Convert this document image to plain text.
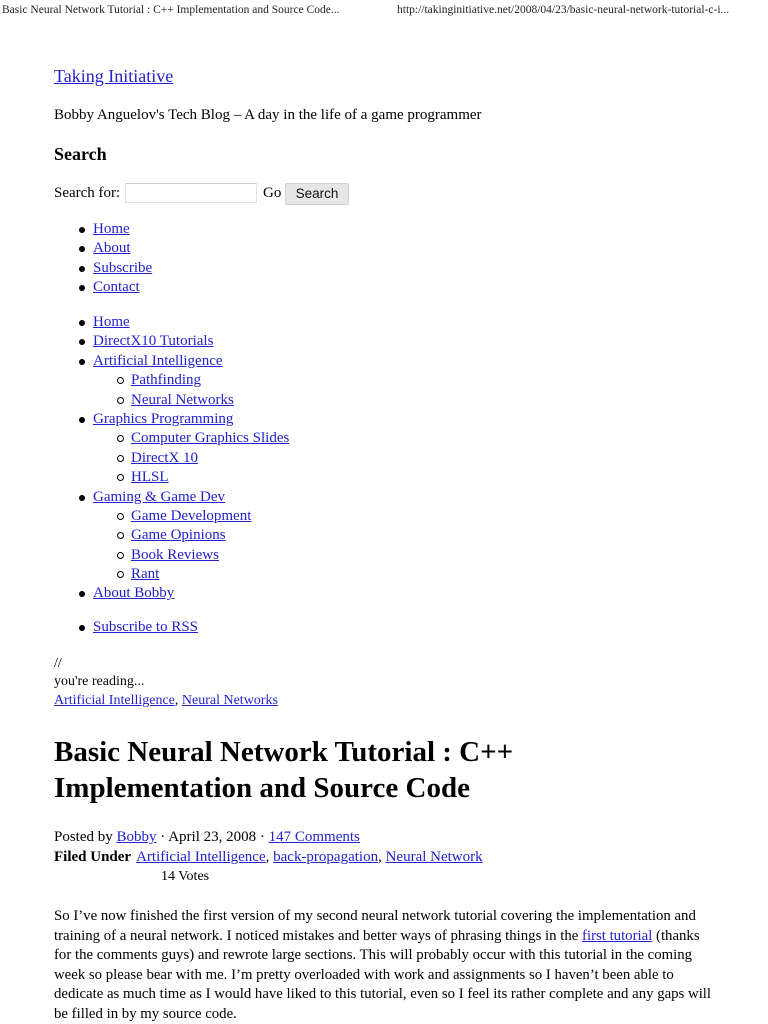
Basic Neural Network Tutorial : C++ Implementation and Source Code...	http://takinginitiative.net/2008/04/23/basic-neural-network-tutorial-c-i...
Taking Initiative
Bobby Anguelov's Tech Blog – A day in the life of a game programmer
Search
Search for:	Go	Search
Home
About
Subscribe
Contact
Home
DirectX10 Tutorials
Artificial Intelligence
Pathfinding
Neural Networks
Graphics Programming
Computer Graphics Slides
DirectX 10
HLSL
Gaming & Game Dev
Game Development
Game Opinions
Book Reviews
Rant
About Bobby
Subscribe to RSS
//
you're reading...
Artificial Intelligence, Neural Networks
Basic Neural Network Tutorial : C++ Implementation and Source Code
Posted by Bobby · April 23, 2008 · 147 Comments
Filed Under Artificial Intelligence, back-propagation, Neural Network
14 Votes

So I’ve now finished the first version of my second neural network tutorial covering the implementation and training of a neural network. I noticed mistakes and better ways of phrasing things in the first tutorial (thanks for the comments guys) and rewrote large sections. This will probably occur with this tutorial in the coming week so please bear with me. I’m pretty overloaded with work and assignments so I haven’t been able to dedicate as much time as I would have liked to this tutorial, even so I feel its rather complete and any gaps will be filled in by my source code.
